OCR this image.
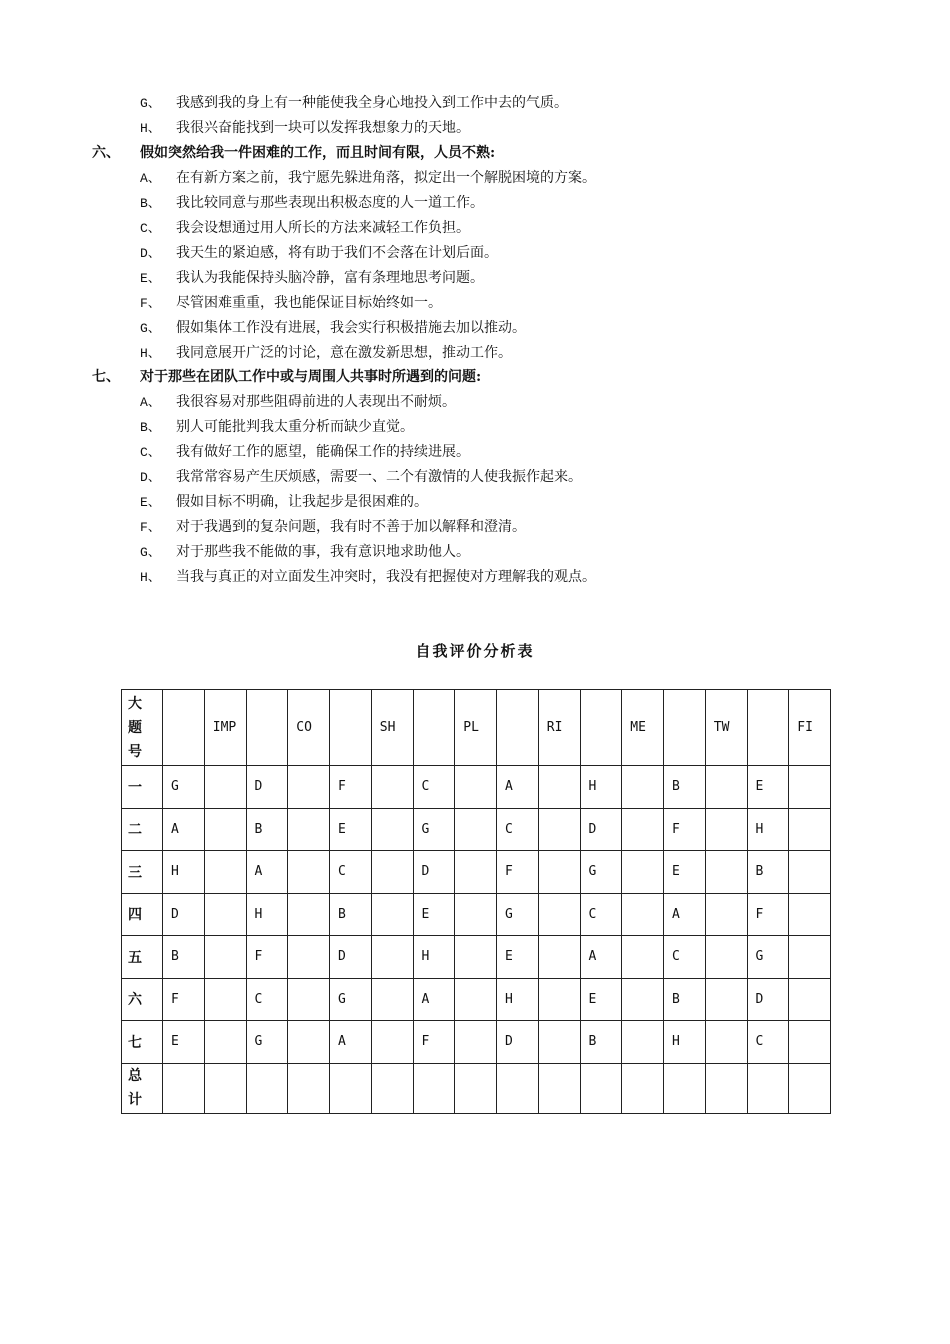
G、 我感到我的身上有一种能使我全身心地投入到工作中去的气质。
H、 我很兴奋能找到一块可以发挥我想象力的天地。
六、 假如突然给我一件困难的工作，而且时间有限，人员不熟:
A、 在有新方案之前，我宁愿先躲进角落，拟定出一个解脱困境的方案。
B、 我比较同意与那些表现出积极态度的人一道工作。
C、 我会设想通过用人所长的方法来减轻工作负担。
D、 我天生的紧迫感，将有助于我们不会落在计划后面。
E、 我认为我能保持头脑冷静，富有条理地思考问题。
F、 尽管困难重重，我也能保证目标始终如一。
G、 假如集体工作没有进展，我会实行积极措施去加以推动。
H、 我同意展开广泛的讨论，意在激发新思想，推动工作。
七、 对于那些在团队工作中或与周围人共事时所遇到的问题:
A、 我很容易对那些阻碍前进的人表现出不耐烦。
B、 别人可能批判我太重分析而缺少直觉。
C、 我有做好工作的愿望，能确保工作的持续进展。
D、 我常常容易产生厌烦感，需要一、二个有激情的人使我振作起来。
E、 假如目标不明确，让我起步是很困难的。
F、 对于我遇到的复杂问题，我有时不善于加以解释和澄清。
G、 对于那些我不能做的事，我有意识地求助他人。
H、 当我与真正的对立面发生冲突时，我没有把握使对方理解我的观点。
自我评价分析表
大
题
号		IMP		CO		SH		PL		RI		ME		TW		FI
一	G		D		F		C		A		H		B		E	
二	A		B		E		G		C		D		F		H	
三	H		A		C		D		F		G		E		B	
四	D		H		B		E		G		C		A		F	
五	B		F		D		H		E		A		C		G	
六	F		C		G		A		H		E		B		D	
七	E		G		A		F		D		B		H		C	

总
计																
